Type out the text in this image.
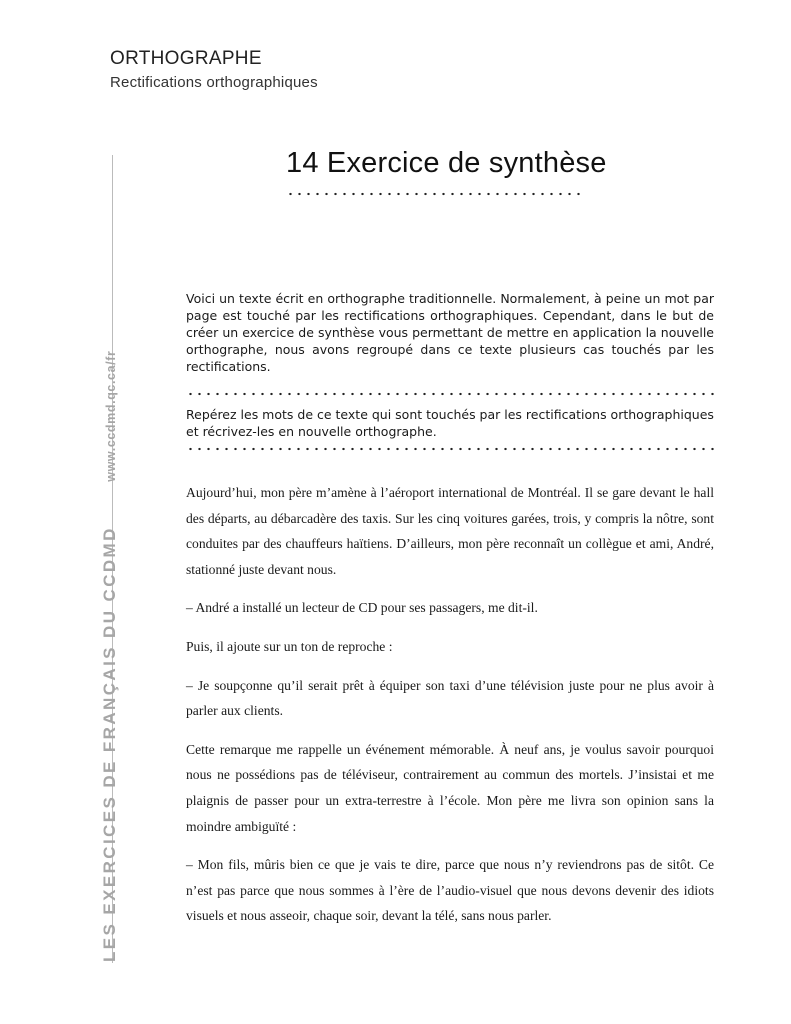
ORTHOGRAPHE
Rectifications orthographiques
LES EXERCICES DE FRANÇAIS DU CCDMD www.ccdmd.qc.ca/fr
14 Exercice de synthèse
Voici un texte écrit en orthographe traditionnelle. Normalement, à peine un mot par page est touché par les rectifications orthographiques. Cependant, dans le but de créer un exercice de synthèse vous permettant de mettre en application la nouvelle orthographe, nous avons regroupé dans ce texte plusieurs cas touchés par les rectifications.
Repérez les mots de ce texte qui sont touchés par les rectifications orthographiques et récrivez-les en nouvelle orthographe.

Aujourd’hui, mon père m’amène à l’aéroport international de Montréal. Il se gare devant le hall des départs, au débarcadère des taxis. Sur les cinq voitures garées, trois, y compris la nôtre, sont conduites par des chauffeurs haïtiens. D’ailleurs, mon père reconnaît un collègue et ami, André, stationné juste devant nous.

– André a installé un lecteur de CD pour ses passagers, me dit-il.

Puis, il ajoute sur un ton de reproche :

– Je soupçonne qu’il serait prêt à équiper son taxi d’une télévision juste pour ne plus avoir à parler aux clients.

Cette remarque me rappelle un événement mémorable. À neuf ans, je voulus savoir pourquoi nous ne possédions pas de téléviseur, contrairement au commun des mortels. J’insistai et me plaignis de passer pour un extra-terrestre à l’école. Mon père me livra son opinion sans la moindre ambiguïté :

– Mon fils, mûris bien ce que je vais te dire, parce que nous n’y reviendrons pas de sitôt. Ce n’est pas parce que nous sommes à l’ère de l’audio-visuel que nous devons devenir des idiots visuels et nous asseoir, chaque soir, devant la télé, sans nous parler.
